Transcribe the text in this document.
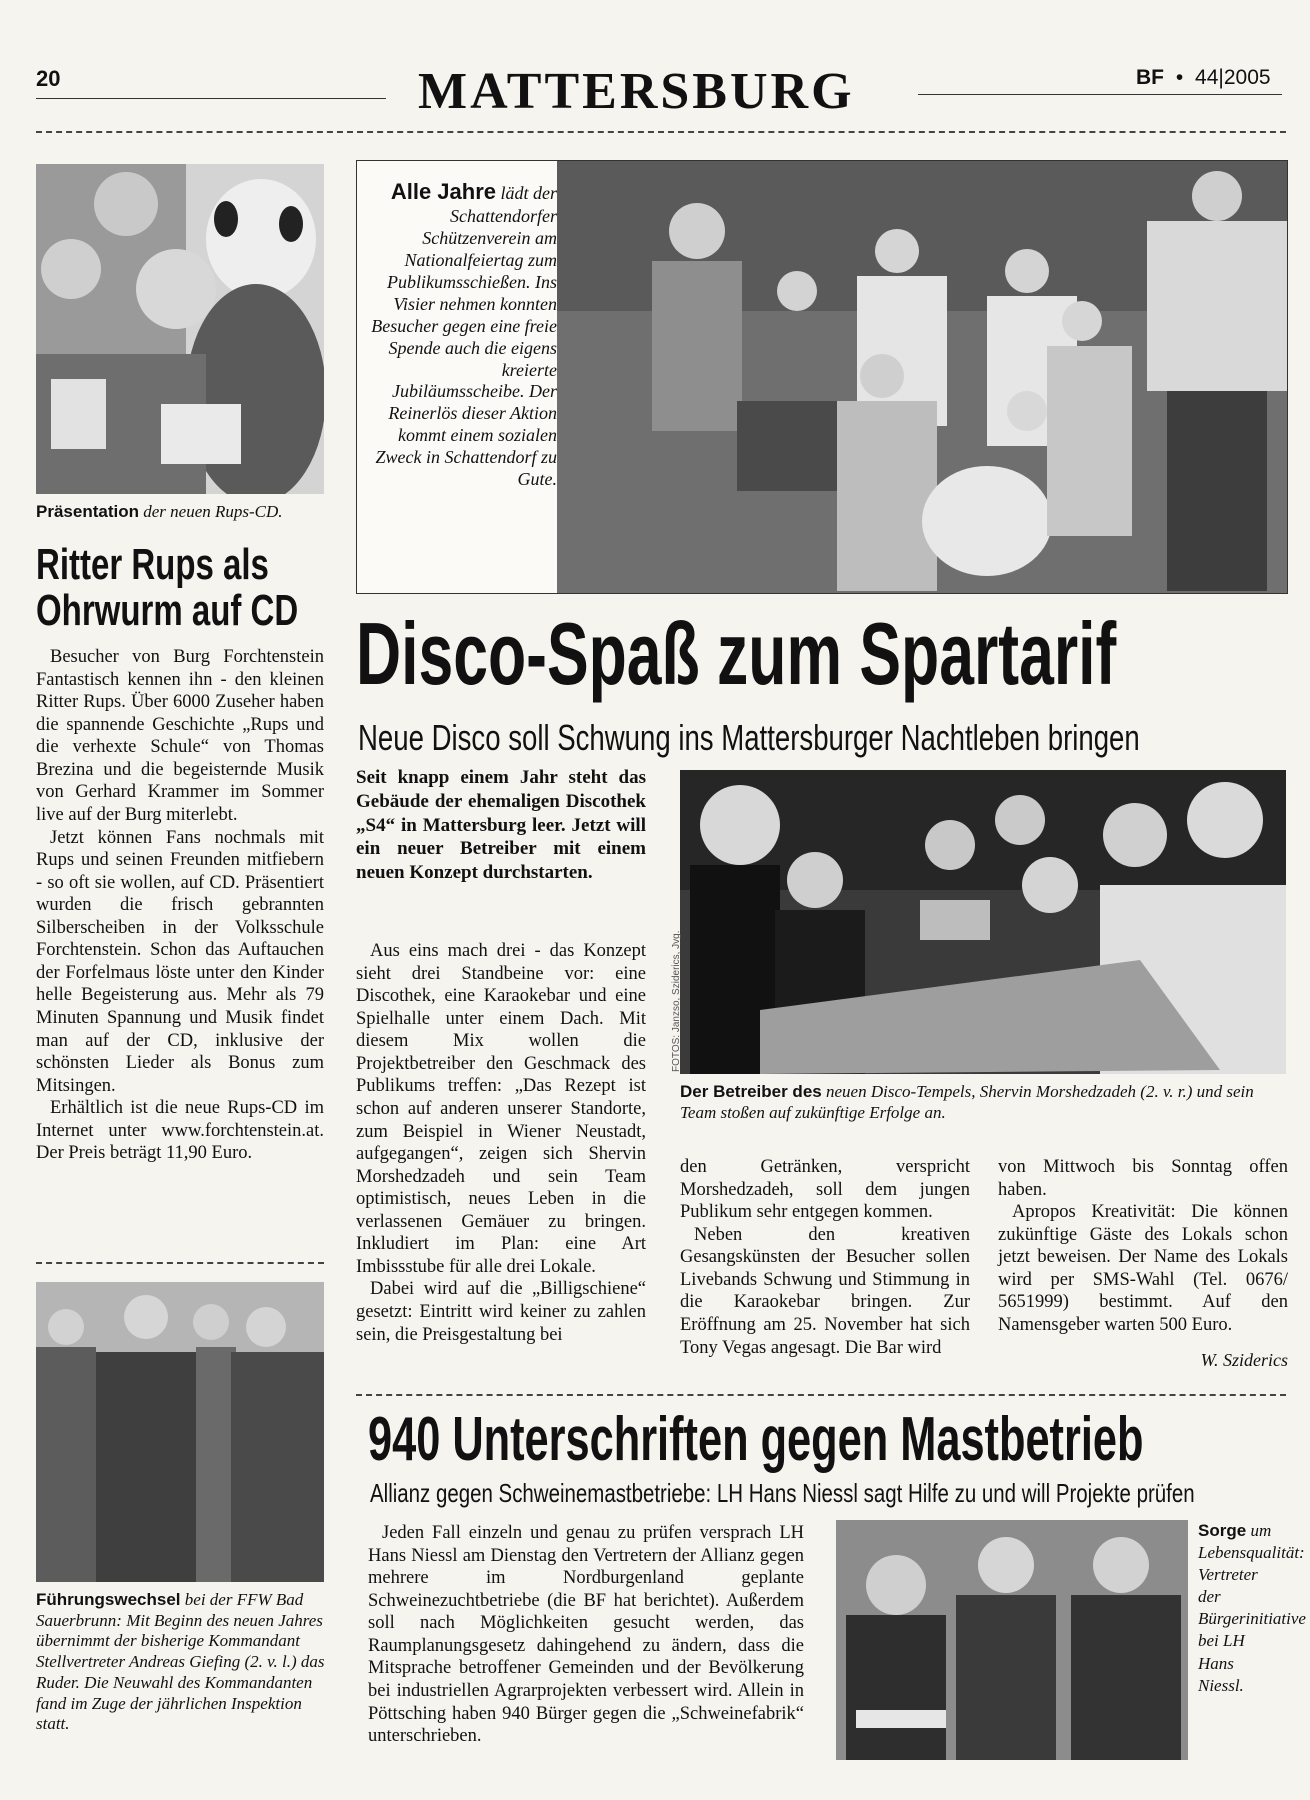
20	MATTERSBURG	BF • 44|2005
Präsentation der neuen Rups-CD.
Ritter Rups als
Ohrwurm auf CD

Besucher von Burg Forchtenstein Fantastisch kennen ihn - den kleinen Ritter Rups. Über 6000 Zuseher haben die spannende Geschichte „Rups und die verhexte Schule“ von Thomas Brezina und die begeisternde Musik von Gerhard Krammer im Sommer live auf der Burg miterlebt.

Jetzt können Fans nochmals mit Rups und seinen Freunden mitfiebern - so oft sie wollen, auf CD. Präsentiert wurden die frisch gebrannten Silberscheiben in der Volksschule Forchtenstein. Schon das Auftauchen der Forfelmaus löste unter den Kinder helle Begeisterung aus. Mehr als 79 Minuten Spannung und Musik findet man auf der CD, inklusive der schönsten Lieder als Bonus zum Mitsingen.

Erhältlich ist die neue Rups-CD im Internet unter www.forchtenstein.at. Der Preis beträgt 11,90 Euro.

Führungswechsel bei der FFW Bad Sauerbrunn: Mit Beginn des neuen Jahres übernimmt der bisherige Kommandant Stellvertreter Andreas Giefing (2. v. l.) das Ruder. Die Neuwahl des Kommandanten fand im Zuge der jährlichen Inspektion statt.
Alle Jahre lädt der Schattendorfer Schützenverein am Nationalfeiertag zum Publikumsschießen. Ins Visier nehmen konnten Besucher gegen eine freie Spende auch die eigens kreierte Jubiläumsscheibe. Der Reinerlös dieser Aktion kommt einem sozialen Zweck in Schattendorf zu Gute.
Disco-Spaß zum Spartarif
Neue Disco soll Schwung ins Mattersburger Nachtleben bringen
Seit knapp einem Jahr steht das Gebäude der ehemaligen Discothek „S4“ in Mattersburg leer. Jetzt will ein neuer Betreiber mit einem neuen Konzept durchstarten.
FOTOS: Janzso, Sziderics, Jvg.
Der Betreiber des neuen Disco-Tempels, Shervin Morshedzadeh (2. v. r.) und sein Team stoßen auf zukünftige Erfolge an.

Aus eins mach drei - das Konzept sieht drei Standbeine vor: eine Discothek, eine Karaokebar und eine Spielhalle unter einem Dach. Mit diesem Mix wollen die Projektbetreiber den Geschmack des Publikums treffen: „Das Rezept ist schon auf anderen unserer Standorte, zum Beispiel in Wiener Neustadt, aufgegangen“, zeigen sich Shervin Morshedzadeh und sein Team optimistisch, neues Leben in die verlassenen Gemäuer zu bringen. Inkludiert im Plan: eine Art Imbissstube für alle drei Lokale.

Dabei wird auf die „Billigschiene“ gesetzt: Eintritt wird keiner zu zahlen sein, die Preisgestaltung bei

den Getränken, verspricht Morshedzadeh, soll dem jungen Publikum sehr entgegen kommen.

Neben den kreativen Gesangskünsten der Besucher sollen Livebands Schwung und Stimmung in die Karaokebar bringen. Zur Eröffnung am 25. November hat sich Tony Vegas angesagt. Die Bar wird

von Mittwoch bis Sonntag offen haben.

Apropos Kreativität: Die können zukünftige Gäste des Lokals schon jetzt beweisen. Der Name des Lokals wird per SMS-Wahl (Tel. 0676/ 5651999) bestimmt. Auf den Namensgeber warten 500 Euro.

W. Sziderics
940 Unterschriften gegen Mastbetrieb
Allianz gegen Schweinemastbetriebe: LH Hans Niessl sagt Hilfe zu und will Projekte prüfen

Jeden Fall einzeln und genau zu prüfen versprach LH Hans Niessl am Dienstag den Vertretern der Allianz gegen mehrere im Nordburgenland geplante Schweinezuchtbetriebe (die BF hat berichtet). Außerdem soll nach Möglichkeiten gesucht werden, das Raumplanungsgesetz dahingehend zu ändern, dass die Mitsprache betroffener Gemeinden und der Bevölkerung bei industriellen Agrarprojekten verbessert wird. Allein in Pöttsching haben 940 Bürger gegen die „Schweinefabrik“ unterschrieben.

Sorge um Lebensqualität: Vertreter der Bürgerinitiative bei LH Hans Niessl.
